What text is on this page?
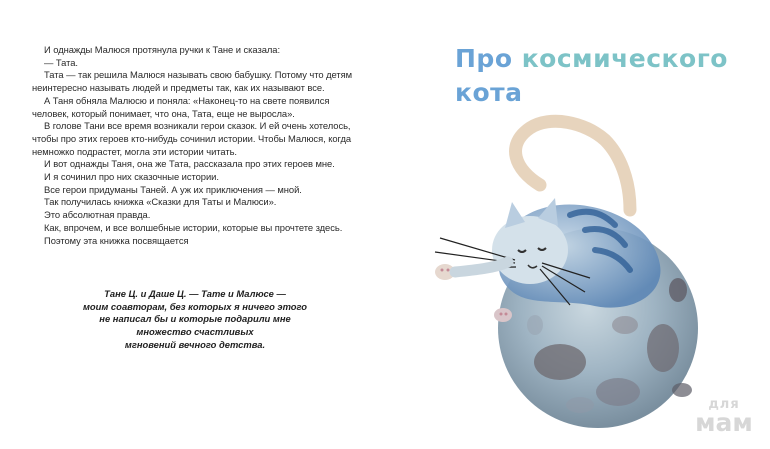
И однажды Малюся протянула ручки к Тане и сказала:

— Тата.

Тата — так решила Малюся называть свою бабушку. Потому что детям неинтересно называть людей и предметы так, как их называют все.

А Таня обняла Малюсю и поняла: «Наконец-то на свете появился человек, который понимает, что она, Тата, еще не выросла».

В голове Тани все время возникали герои сказок. И ей очень хотелось, чтобы про этих героев кто-нибудь сочинил истории. Чтобы Малюся, когда немножко подрастет, могла эти истории читать.

И вот однажды Таня, она же Тата, рассказала про этих героев мне.

И я сочинил про них сказочные истории.

Все герои придуманы Таней. А уж их приключения — мной.

Так получилась книжка «Сказки для Таты и Малюси».

Это абсолютная правда.

Как, впрочем, и все волшебные истории, которые вы прочтете здесь.

Поэтому эта книжка посвящается

Тане Ц. и Даше Ц. — Тате и Малюсе —
моим соавторам, без которых я ничего этого
не написал бы и которые подарили мне
множество счастливых
мгновений вечного детства.
Про космического
кота
для
мам
